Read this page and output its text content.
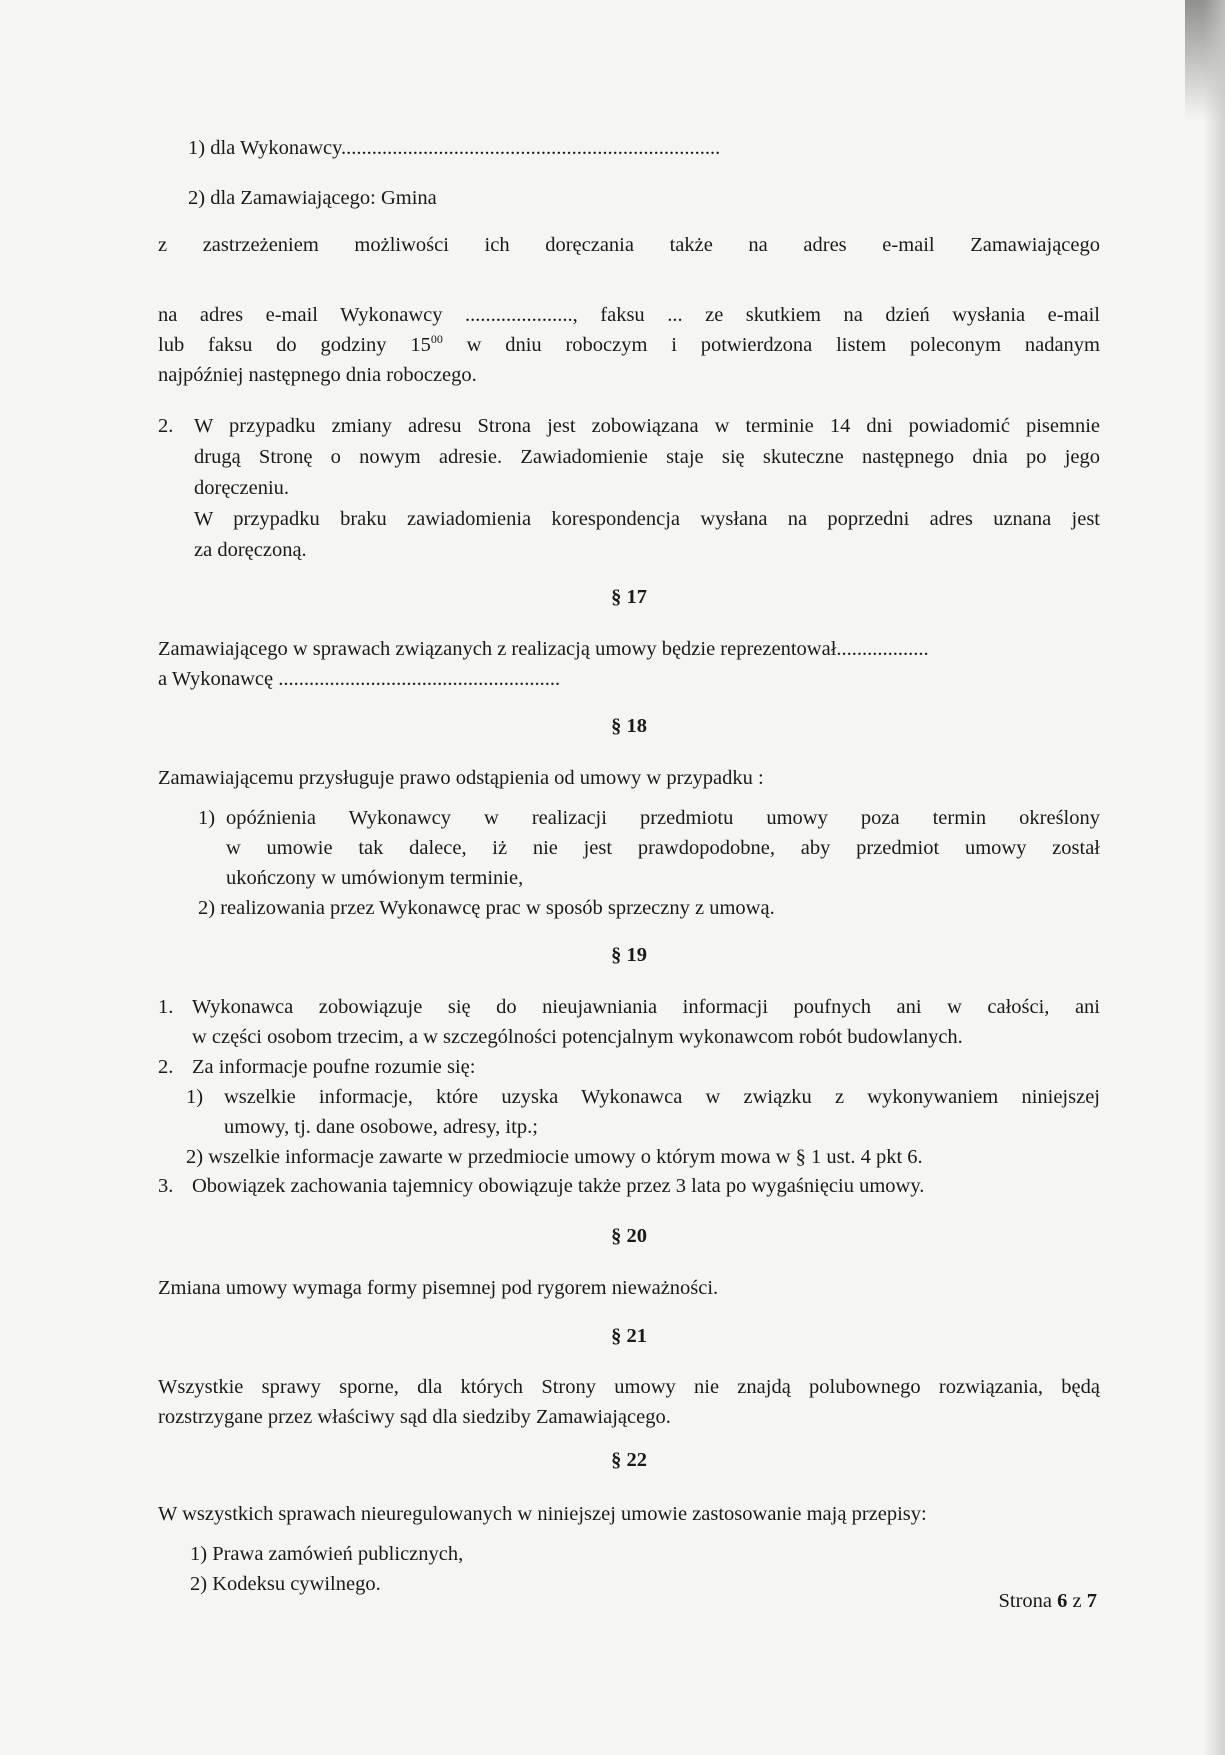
1) dla Wykonawcy..........................................................................
2) dla Zamawiającego: Gmina
z zastrzeżeniem możliwości ich doręczania także na adres e-mail Zamawiającego
na adres e-mail Wykonawcy ....................., faksu ... ze skutkiem na dzień wysłania e-mail
lub faksu do godziny $15^{00}$ w dniu roboczym i potwierdzona listem poleconym nadanym
najpóźniej następnego dnia roboczego.
2. W przypadku zmiany adresu Strona jest zobowiązana w terminie 14 dni powiadomić pisemnie
drugą Stronę o nowym adresie. Zawiadomienie staje się skuteczne następnego dnia po jego
doręczeniu.
W przypadku braku zawiadomienia korespondencja wysłana na poprzedni adres uznana jest
za doręczoną.
§ 17
Zamawiającego w sprawach związanych z realizacją umowy będzie reprezentował..................
a Wykonawcę .......................................................
§ 18
Zamawiającemu przysługuje prawo odstąpienia od umowy w przypadku :
1) opóźnienia Wykonawcy w realizacji przedmiotu umowy poza termin określony
w umowie tak dalece, iż nie jest prawdopodobne, aby przedmiot umowy został
ukończony w umówionym terminie,
2) realizowania przez Wykonawcę prac w sposób sprzeczny z umową.
§ 19
1. Wykonawca zobowiązuje się do nieujawniania informacji poufnych ani w całości, ani
w części osobom trzecim, a w szczególności potencjalnym wykonawcom robót budowlanych.
2. Za informacje poufne rozumie się:
1) wszelkie informacje, które uzyska Wykonawca w związku z wykonywaniem niniejszej
umowy, tj. dane osobowe, adresy, itp.;
2) wszelkie informacje zawarte w przedmiocie umowy o którym mowa w § 1 ust. 4 pkt 6.
3. Obowiązek zachowania tajemnicy obowiązuje także przez 3 lata po wygaśnięciu umowy.
§ 20
Zmiana umowy wymaga formy pisemnej pod rygorem nieważności.
§ 21
Wszystkie sprawy sporne, dla których Strony umowy nie znajdą polubownego rozwiązania, będą
rozstrzygane przez właściwy sąd dla siedziby Zamawiającego.
§ 22
W wszystkich sprawach nieuregulowanych w niniejszej umowie zastosowanie mają przepisy:
1) Prawa zamówień publicznych,
2) Kodeksu cywilnego.
Strona 6 z 7
